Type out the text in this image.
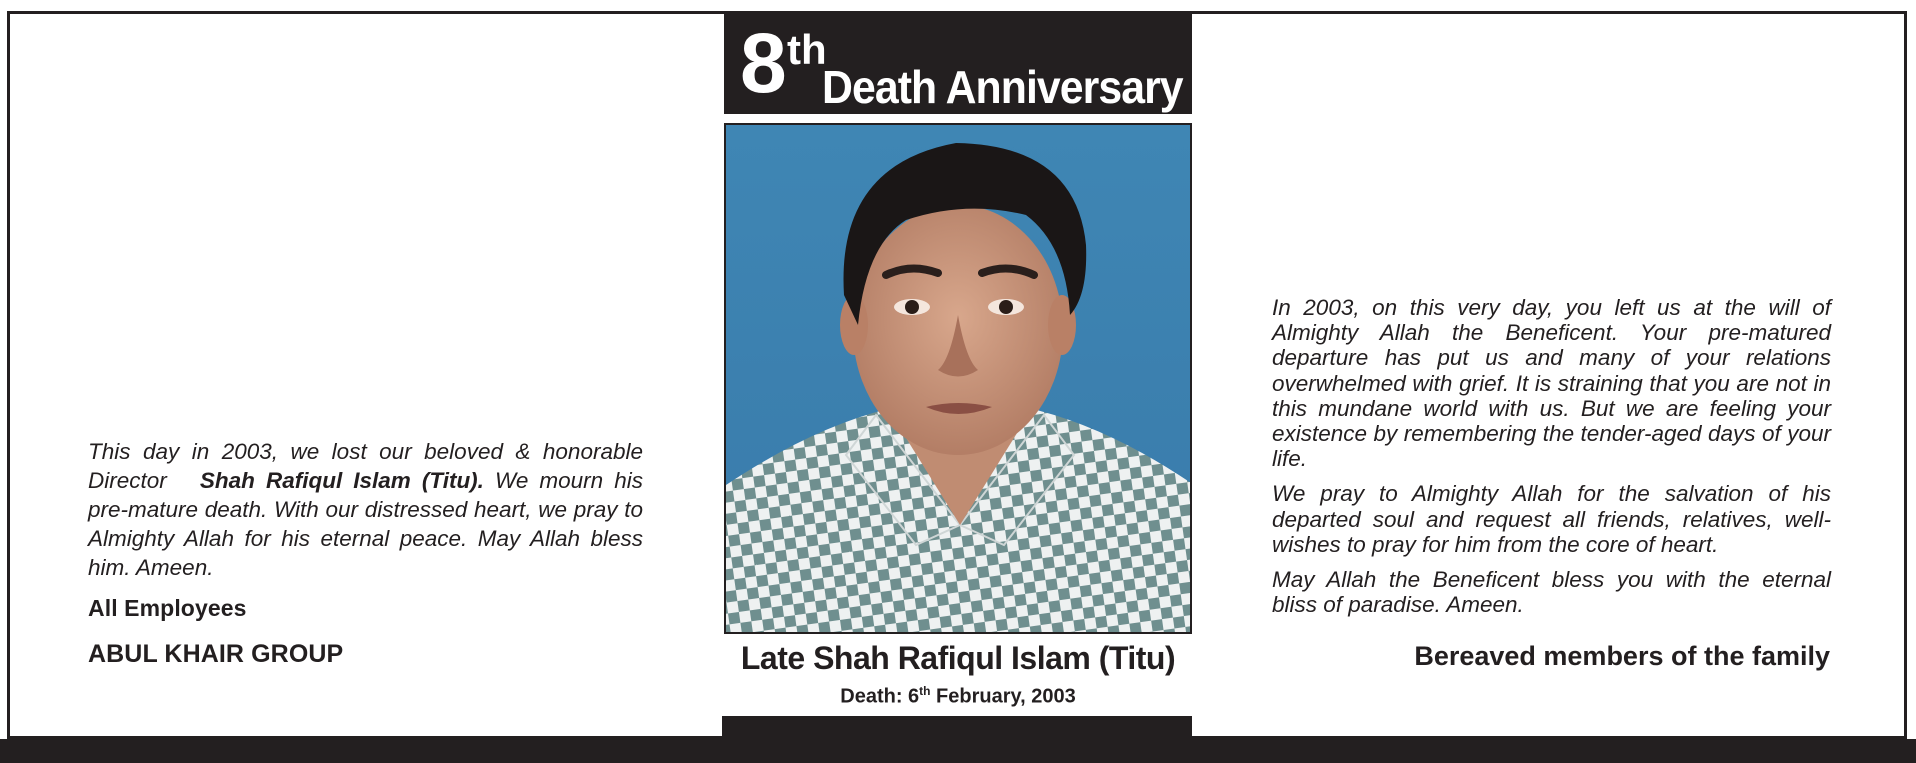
This day in 2003, we lost our beloved & honorable Director Shah Rafiqul Islam (Titu). We mourn his pre-mature death. With our distressed heart, we pray to Almighty Allah for his eternal peace. May Allah bless him. Ameen.

All Employees

ABUL KHAIR GROUP

8 th
Death Anniversary
Late Shah Rafiqul Islam (Titu)
Death: 6th February, 2003

In 2003, on this very day, you left us at the will of Almighty Allah the Beneficent. Your pre-matured departure has put us and many of your relations overwhelmed with grief. It is straining that you are not in this mundane world with us. But we are feeling your existence by remembering the tender-aged days of your life.

We pray to Almighty Allah for the salvation of his departed soul and request all friends, relatives, well-wishes to pray for him from the core of heart.

May Allah the Beneficent bless you with the eternal bliss of paradise. Ameen.

Bereaved members of the family
